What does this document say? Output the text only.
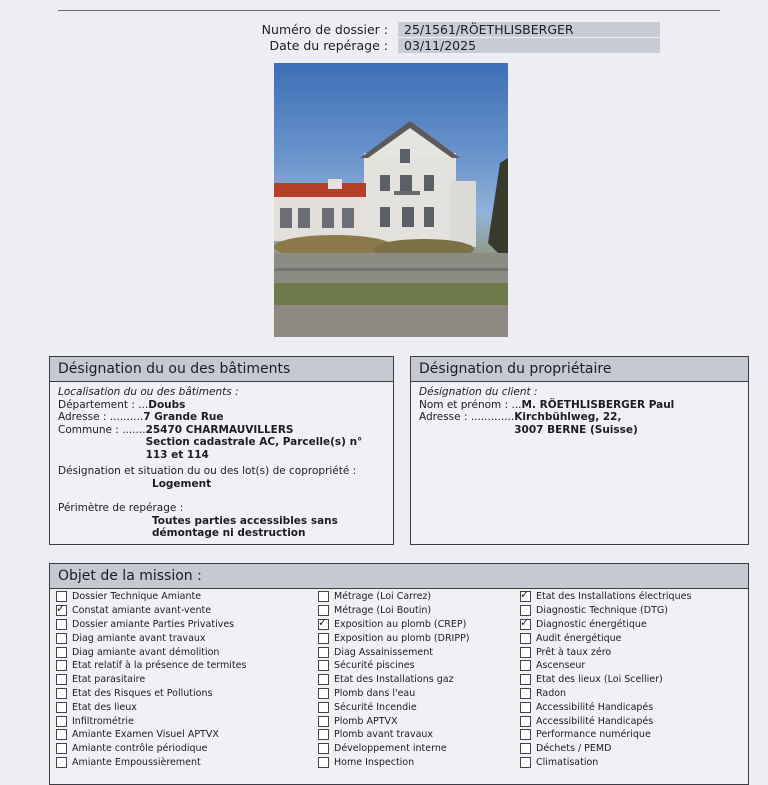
Numéro de dossier :	25/1561/RÖETHLISBERGER
Date du repérage :	03/11/2025
Désignation du ou des bâtiments
Localisation du ou des bâtiments :
Département : ... Doubs
Adresse : .......... 7 Grande Rue
Commune : ....... 25470 CHARMAUVILLERS
Section cadastrale AC, Parcelle(s) n°
113 et 114
Désignation et situation du ou des lot(s) de copropriété :
Logement
Périmètre de repérage :
Toutes parties accessibles sans
démontage ni destruction
Désignation du propriétaire
Désignation du client :
Nom et prénom : ... M. RÖETHLISBERGER Paul
Adresse : ............. Kirchbühlweg, 22,
3007 BERNE (Suisse)
Objet de la mission :
Dossier Technique Amiante
✓
Constat amiante avant-vente
Dossier amiante Parties Privatives
Diag amiante avant travaux
Diag amiante avant démolition
Etat relatif à la présence de termites
Etat parasitaire
Etat des Risques et Pollutions
Etat des lieux
Infiltrométrie
Amiante Examen Visuel APTVX
Amiante contrôle périodique
Amiante Empoussièrement
Métrage (Loi Carrez)
Métrage (Loi Boutin)
✓
Exposition au plomb (CREP)
Exposition au plomb (DRIPP)
Diag Assainissement
Sécurité piscines
Etat des Installations gaz
Plomb dans l'eau
Sécurité Incendie
Plomb APTVX
Plomb avant travaux
Développement interne
Home Inspection
✓
Etat des Installations électriques
Diagnostic Technique (DTG)
✓
Diagnostic énergétique
Audit énergétique
Prêt à taux zéro
Ascenseur
Etat des lieux (Loi Scellier)
Radon
Accessibilité Handicapés
Accessibilité Handicapés
Performance numérique
Déchets / PEMD
Climatisation
